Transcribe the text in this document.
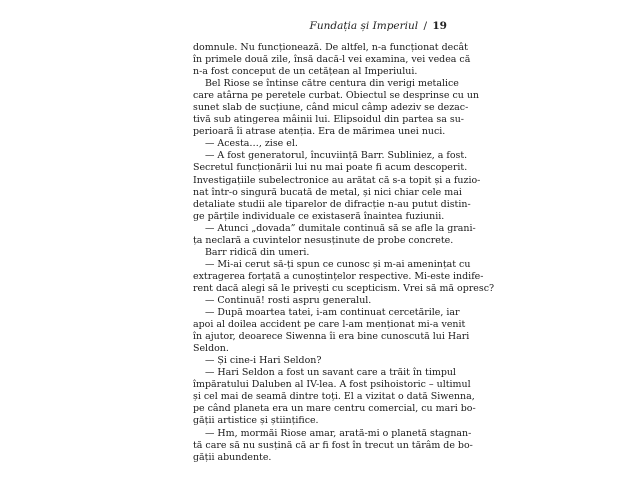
Fundația și Imperiul / 19
domnule. Nu funcționează. De altfel, n-a funcționat decât
în primele două zile, însă dacă-l vei examina, vei vedea că
n-a fost conceput de un cetățean al Imperiului.
Bel Riose se întinse către centura din verigi metalice
care atârna pe peretele curbat. Obiectul se desprinse cu un
sunet slab de sucțiune, când micul câmp adeziv se dezac-
tivă sub atingerea mâinii lui. Elipsoidul din partea sa su-
perioară îi atrase atenția. Era de mărimea unei nuci.
— Acesta…, zise el.
— A fost generatorul, încuviință Barr. Subliniez, a fost.
Secretul funcționării lui nu mai poate fi acum descoperit.
Investigațiile subelectronice au arătat că s-a topit și a fuzio-
nat într-o singură bucată de metal, și nici chiar cele mai
detaliate studii ale tiparelor de difracție n-au putut distin-
ge părțile individuale ce existaseră înaintea fuziunii.
— Atunci „dovada” dumitale continuă să se afle la grani-
ța neclară a cuvintelor nesusținute de probe concrete.
Barr ridică din umeri.
— Mi-ai cerut să-ți spun ce cunosc și m-ai amenințat cu
extragerea forțată a cunoștințelor respective. Mi-este indife-
rent dacă alegi să le privești cu scepticism. Vrei să mă opresc?
— Continuă! rosti aspru generalul.
— După moartea tatei, i-am continuat cercetările, iar
apoi al doilea accident pe care l-am menționat mi-a venit
în ajutor, deoarece Siwenna îi era bine cunoscută lui Hari
Seldon.
— Și cine-i Hari Seldon?
— Hari Seldon a fost un savant care a trăit în timpul
împăratului Daluben al IV-lea. A fost psihoistoric – ultimul
și cel mai de seamă dintre toți. El a vizitat o dată Siwenna,
pe când planeta era un mare centru comercial, cu mari bo-
gății artistice și științifice.
— Hm, mormăi Riose amar, arată-mi o planetă stagnan-
tă care să nu susțină că ar fi fost în trecut un tărâm de bo-
gății abundente.
